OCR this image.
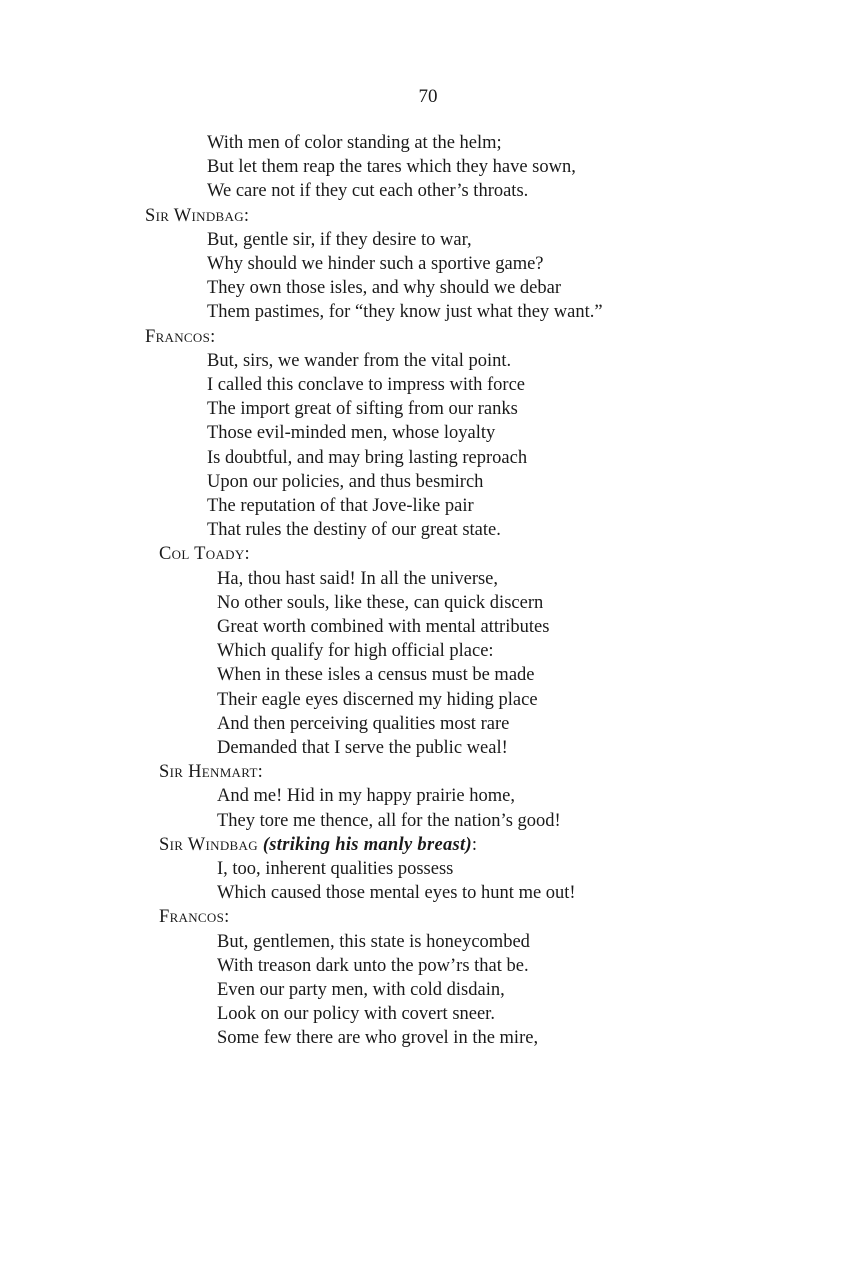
70
With men of color standing at the helm;
But let them reap the tares which they have sown,
We care not if they cut each other’s throats.
Sir Windbag:
But, gentle sir, if they desire to war,
Why should we hinder such a sportive game?
They own those isles, and why should we debar
Them pastimes, for “they know just what they want.”
Francos:
But, sirs, we wander from the vital point.
I called this conclave to impress with force
The import great of sifting from our ranks
Those evil-minded men, whose loyalty
Is doubtful, and may bring lasting reproach
Upon our policies, and thus besmirch
The reputation of that Jove-like pair
That rules the destiny of our great state.
Col Toady:
Ha, thou hast said! In all the universe,
No other souls, like these, can quick discern
Great worth combined with mental attributes
Which qualify for high official place:
When in these isles a census must be made
Their eagle eyes discerned my hiding place
And then perceiving qualities most rare
Demanded that I serve the public weal!
Sir Henmart:
And me! Hid in my happy prairie home,
They tore me thence, all for the nation’s good!
Sir Windbag (striking his manly breast):
I, too, inherent qualities possess
Which caused those mental eyes to hunt me out!
Francos:
But, gentlemen, this state is honeycombed
With treason dark unto the pow’rs that be.
Even our party men, with cold disdain,
Look on our policy with covert sneer.
Some few there are who grovel in the mire,
